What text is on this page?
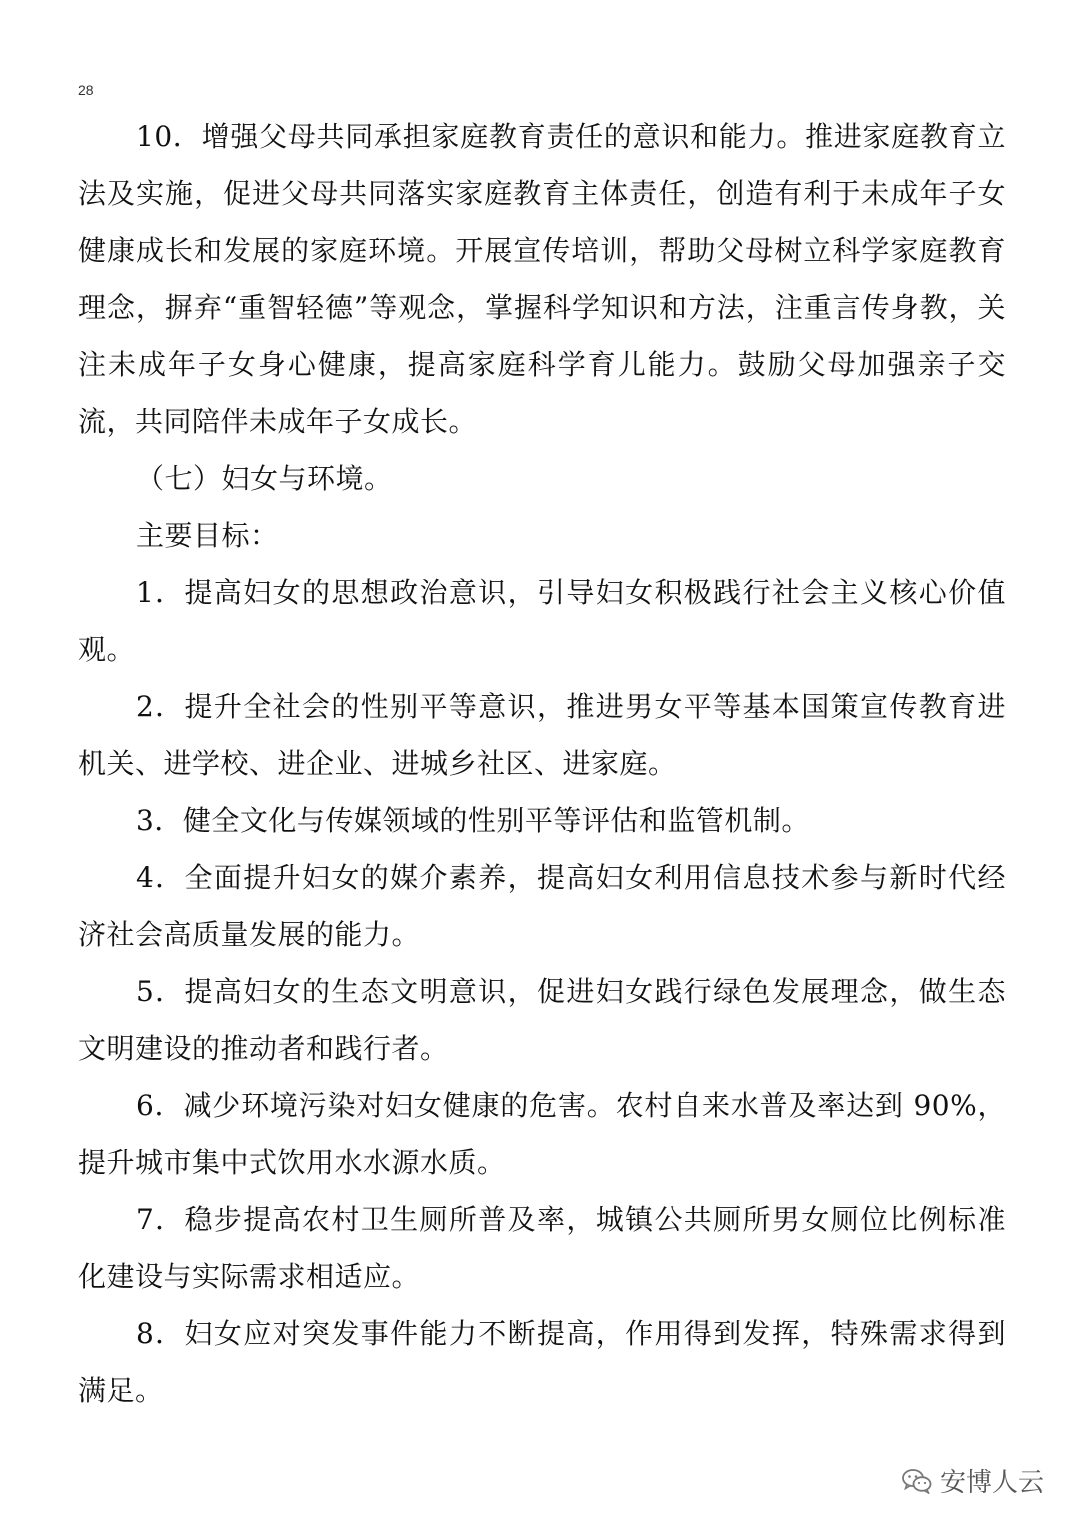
28

10．增强父母共同承担家庭教育责任的意识和能力。推进家庭教育立法及实施，促进父母共同落实家庭教育主体责任，创造有利于未成年子女健康成长和发展的家庭环境。开展宣传培训，帮助父母树立科学家庭教育理念，摒弃“重智轻德”等观念，掌握科学知识和方法，注重言传身教，关注未成年子女身心健康，提高家庭科学育儿能力。鼓励父母加强亲子交流，共同陪伴未成年子女成长。

（七）妇女与环境。

主要目标：

1．提高妇女的思想政治意识，引导妇女积极践行社会主义核心价值观。

2．提升全社会的性别平等意识，推进男女平等基本国策宣传教育进机关、进学校、进企业、进城乡社区、进家庭。

3．健全文化与传媒领域的性别平等评估和监管机制。

4．全面提升妇女的媒介素养，提高妇女利用信息技术参与新时代经济社会高质量发展的能力。

5．提高妇女的生态文明意识，促进妇女践行绿色发展理念，做生态文明建设的推动者和践行者。

6．减少环境污染对妇女健康的危害。农村自来水普及率达到 90%，提升城市集中式饮用水水源水质。

7．稳步提高农村卫生厕所普及率，城镇公共厕所男女厕位比例标准化建设与实际需求相适应。

8．妇女应对突发事件能力不断提高，作用得到发挥，特殊需求得到满足。

安博人云
